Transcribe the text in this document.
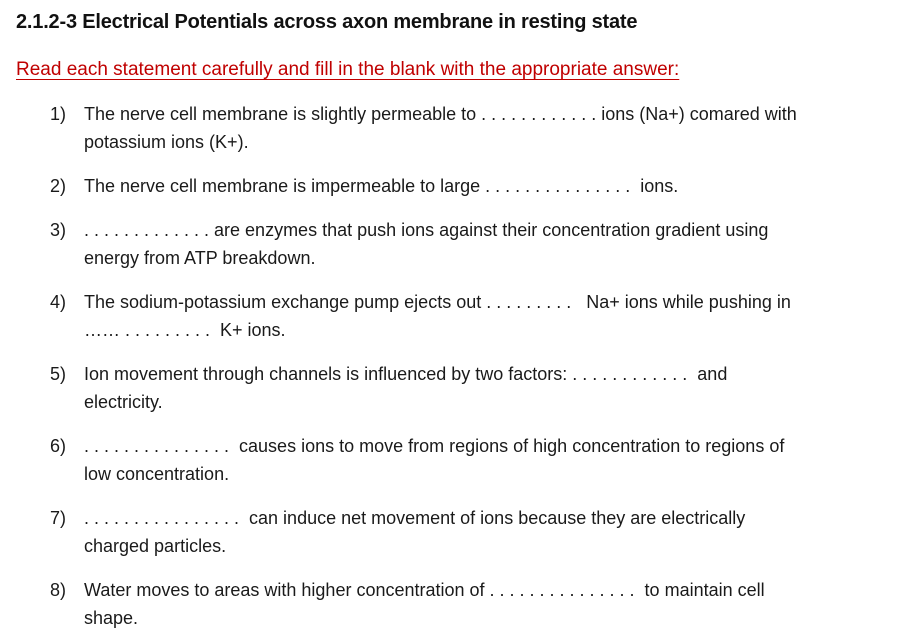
2.1.2-3 Electrical Potentials across axon membrane in resting state
Read each statement carefully and fill in the blank with the appropriate answer:
1)	The nerve cell membrane is slightly permeable to . . . . . . . . . . . . ions (Na+) comared with
potassium ions (K+).
2)	The nerve cell membrane is impermeable to large . . . . . . . . . . . . . . .  ions.
3)	. . . . . . . . . . . . . are enzymes that push ions against their concentration gradient using
energy from ATP breakdown.
4)	The sodium-potassium exchange pump ejects out . . . . . . . . .   Na+ ions while pushing in
…… . . . . . . . . .  K+ ions.
5)	Ion movement through channels is influenced by two factors: . . . . . . . . . . . .  and
electricity.
6)	. . . . . . . . . . . . . . .  causes ions to move from regions of high concentration to regions of
low concentration.
7)	. . . . . . . . . . . . . . . .  can induce net movement of ions because they are electrically
charged particles.
8)	Water moves to areas with higher concentration of . . . . . . . . . . . . . . .  to maintain cell
shape.
